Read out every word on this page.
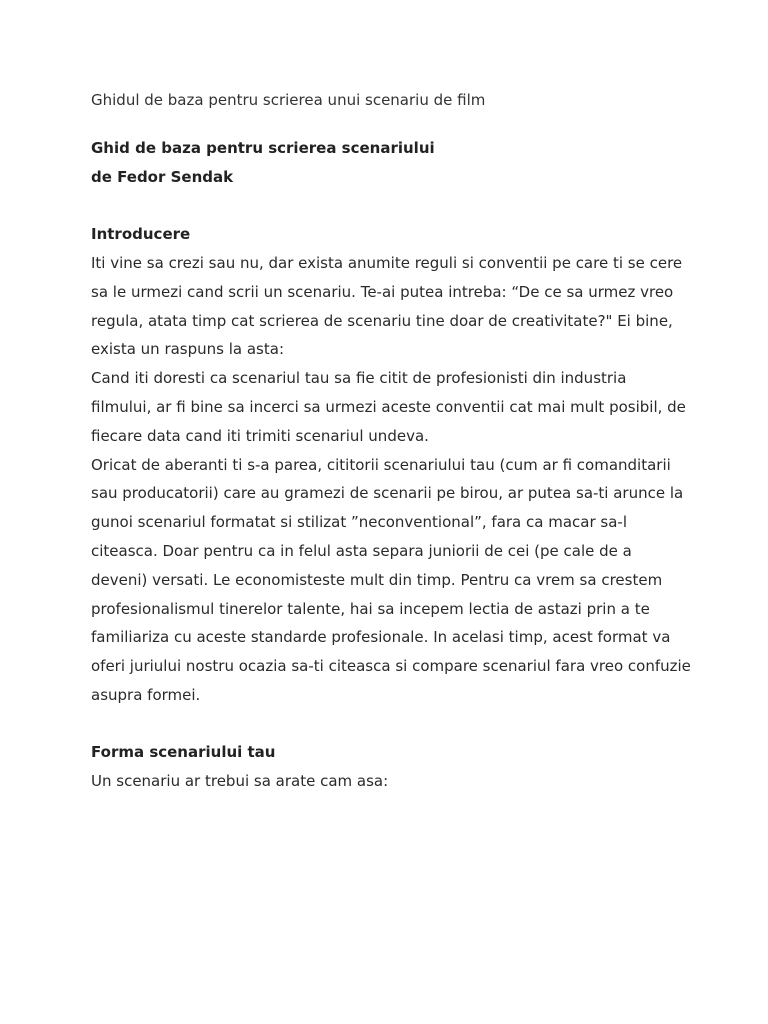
Ghidul de baza pentru scrierea unui scenariu de film
Ghid de baza pentru scrierea scenariului
de Fedor Sendak
Introducere

Iti vine sa crezi sau nu, dar exista anumite reguli si conventii pe care ti se cere sa le urmezi cand scrii un scenariu. Te-ai putea intreba: “De ce sa urmez vreo regula, atata timp cat scrierea de scenariu tine doar de creativitate?" Ei bine, exista un raspuns la asta:

Cand iti doresti ca scenariul tau sa fie citit de profesionisti din industria filmului, ar fi bine sa incerci sa urmezi aceste conventii cat mai mult posibil, de fiecare data cand iti trimiti scenariul undeva.

Oricat de aberanti ti s-a parea, cititorii scenariului tau (cum ar fi comanditarii sau producatorii) care au gramezi de scenarii pe birou, ar putea sa-ti arunce la gunoi scenariul formatat si stilizat ”neconventional”, fara ca macar sa-l citeasca. Doar pentru ca in felul asta separa juniorii de cei (pe cale de a deveni) versati. Le economisteste mult din timp. Pentru ca vrem sa crestem profesionalismul tinerelor talente, hai sa incepem lectia de astazi prin a te familiariza cu aceste standarde profesionale. In acelasi timp, acest format va oferi juriului nostru ocazia sa-ti citeasca si compare scenariul fara vreo confuzie asupra formei.

Forma scenariului tau

Un scenariu ar trebui sa arate cam asa:
